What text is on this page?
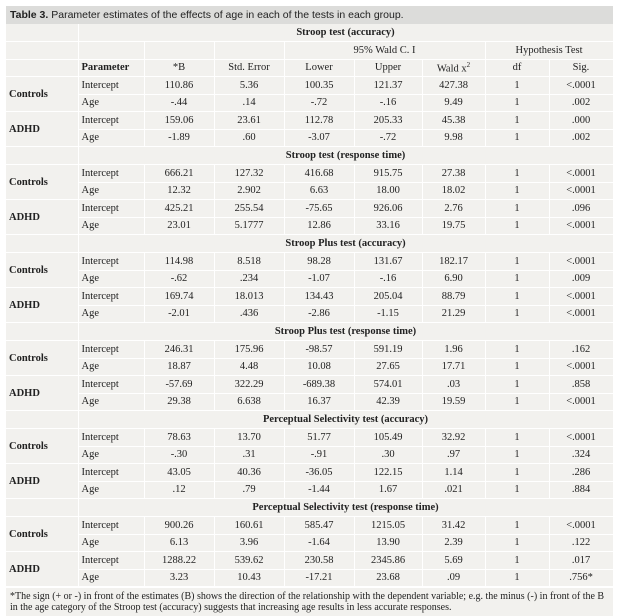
Table 3. Parameter estimates of the effects of age in each of the tests in each group.
	Stroop test (accuracy)							
				95% Wald C. I			Hypothesis Test	
	Parameter	*B	Std. Error	Lower	Upper	Wald $x^2$	df	Sig.
Controls	Intercept	110.86	5.36	100.35	121.37	427.38	1	<.0001
	Age	-.44	.14	-.72	-.16	9.49	1	.002
ADHD	Intercept	159.06	23.61	112.78	205.33	45.38	1	.000
	Age	-1.89	.60	-3.07	-.72	9.98	1	.002
	Stroop test (response time)							
Controls	Intercept	666.21	127.32	416.68	915.75	27.38	1	<.0001
	Age	12.32	2.902	6.63	18.00	18.02	1	<.0001
ADHD	Intercept	425.21	255.54	-75.65	926.06	2.76	1	.096
	Age	23.01	5.1777	12.86	33.16	19.75	1	<.0001
	Stroop Plus test (accuracy)							
Controls	Intercept	114.98	8.518	98.28	131.67	182.17	1	<.0001
	Age	-.62	.234	-1.07	-.16	6.90	1	.009
ADHD	Intercept	169.74	18.013	134.43	205.04	88.79	1	<.0001
	Age	-2.01	.436	-2.86	-1.15	21.29	1	<.0001
	Stroop Plus test (response time)							
Controls	Intercept	246.31	175.96	-98.57	591.19	1.96	1	.162
	Age	18.87	4.48	10.08	27.65	17.71	1	<.0001
ADHD	Intercept	-57.69	322.29	-689.38	574.01	.03	1	.858
	Age	29.38	6.638	16.37	42.39	19.59	1	<.0001
	Perceptual Selectivity test (accuracy)							
Controls	Intercept	78.63	13.70	51.77	105.49	32.92	1	<.0001
	Age	-.30	.31	-.91	.30	.97	1	.324
ADHD	Intercept	43.05	40.36	-36.05	122.15	1.14	1	.286
	Age	.12	.79	-1.44	1.67	.021	1	.884
	Perceptual Selectivity test (response time)							
Controls	Intercept	900.26	160.61	585.47	1215.05	31.42	1	<.0001
	Age	6.13	3.96	-1.64	13.90	2.39	1	.122
ADHD	Intercept	1288.22	539.62	230.58	2345.86	5.69	1	.017
	Age	3.23	10.43	-17.21	23.68	.09	1	.756*
*The sign (+ or -) in front of the estimates (B) shows the direction of the relationship with the dependent variable; e.g. the minus (-) in front of the B in the age category of the Stroop test (accuracy) suggests that increasing age results in less accurate responses.
